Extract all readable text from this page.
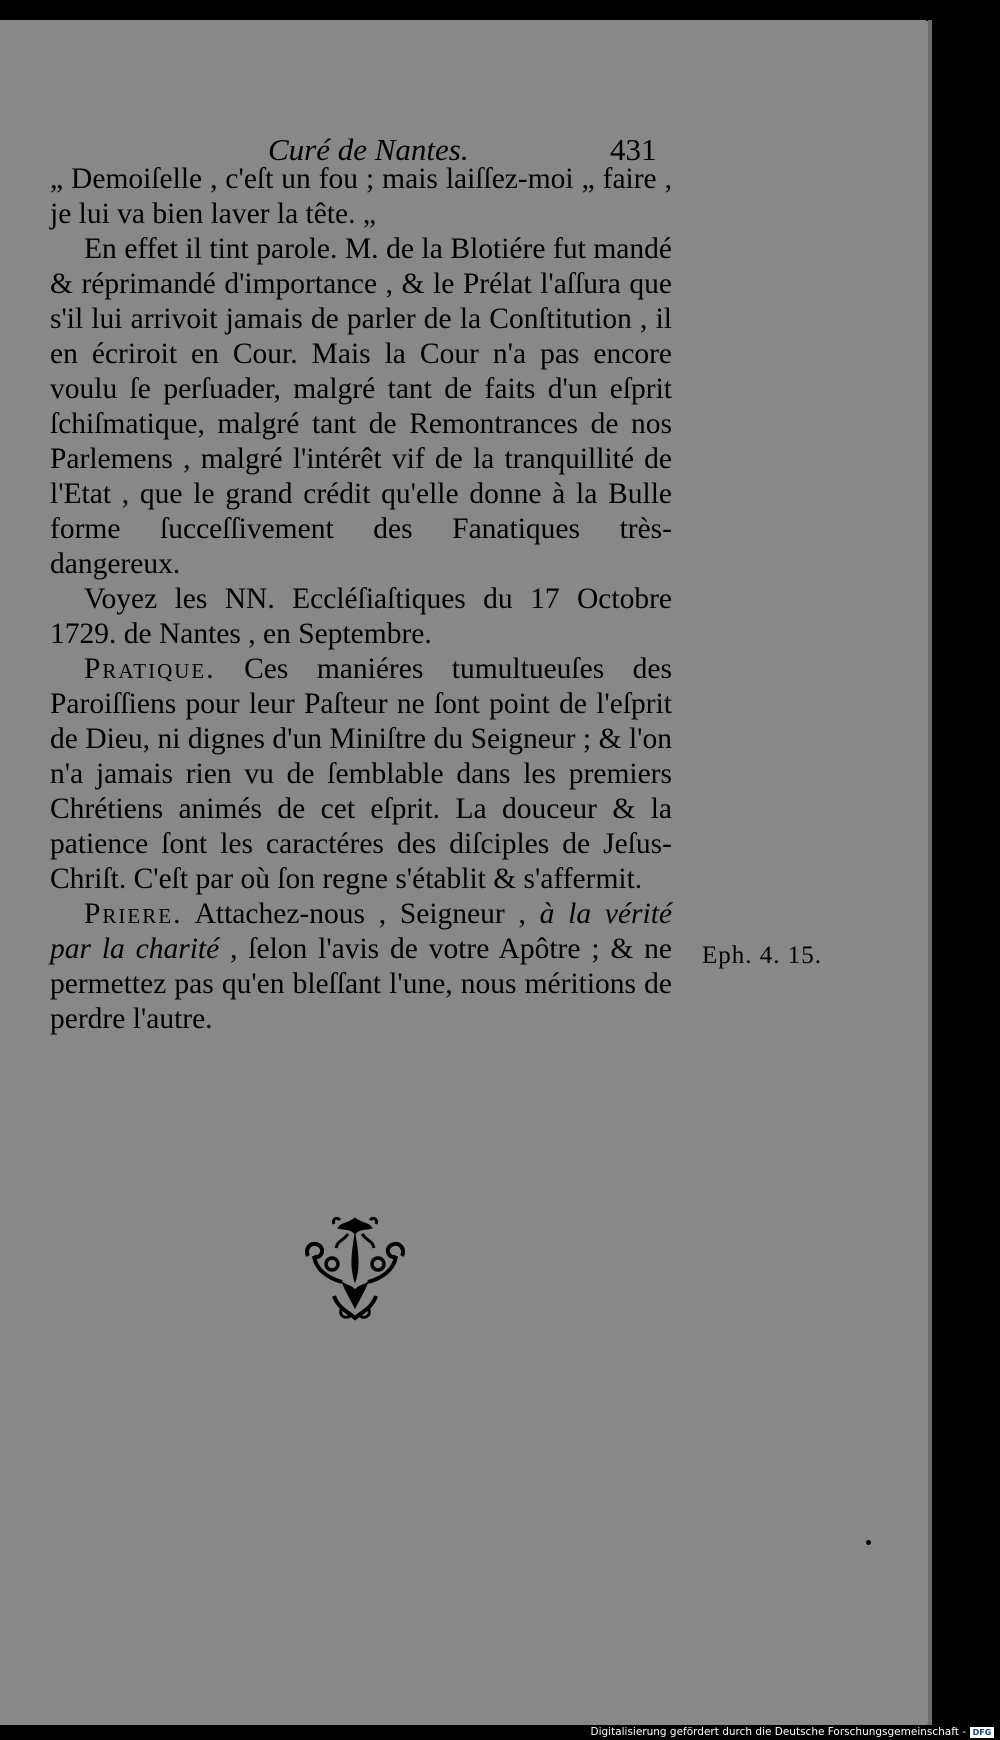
Curé de Nantes.	431

„ Demoiſelle , c'eſt un fou ; mais laiſſez-moi „ faire , je lui va bien laver la tête. „

En effet il tint parole. M. de la Blotiére fut mandé & réprimandé d'importance , & le Prélat l'aſſura que s'il lui arrivoit jamais de parler de la Conſtitution , il en écriroit en Cour. Mais la Cour n'a pas encore voulu ſe perſuader, malgré tant de faits d'un eſprit ſchiſmatique, malgré tant de Remontrances de nos Parlemens , malgré l'intérêt vif de la tranquillité de l'Etat , que le grand crédit qu'elle donne à la Bulle forme ſucceſſivement des Fanatiques très-dangereux.

Voyez les NN. Eccléſiaſtiques du 17 Octobre 1729. de Nantes , en Septembre.

Pratique. Ces maniéres tumultueuſes des Paroiſſiens pour leur Paſteur ne ſont point de l'eſprit de Dieu, ni dignes d'un Miniſtre du Seigneur ; & l'on n'a jamais rien vu de ſemblable dans les premiers Chrétiens animés de cet eſprit. La douceur & la patience ſont les caractéres des diſciples de Jeſus-Chriſt. C'eſt par où ſon regne s'établit & s'affermit.

Priere. Attachez-nous , Seigneur , à la vérité par la charité , ſelon l'avis de votre Apôtre ; & ne permettez pas qu'en bleſſant l'une, nous méritions de perdre l'autre.

Eph. 4. 15.
Digitalisierung gefördert durch die Deutsche Forschungsgemeinschaft - DFG
